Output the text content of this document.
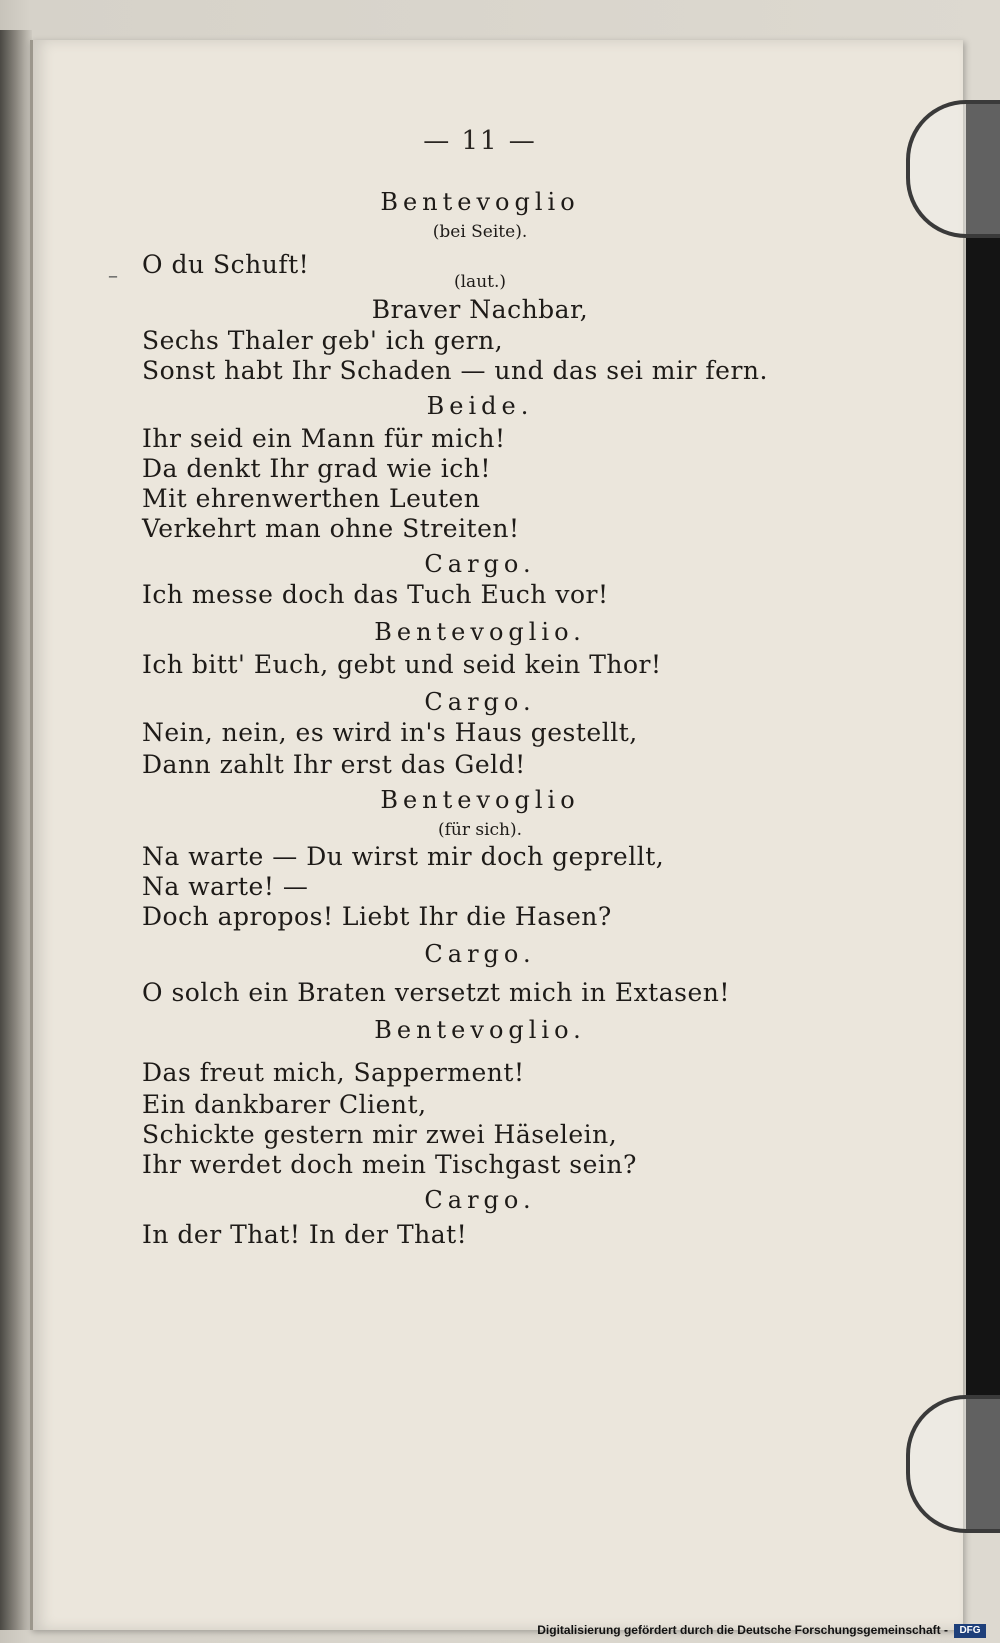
— 11 —
–
Bentevoglio
(bei Seite).
O du Schuft!
(laut.)
Braver Nachbar,
Sechs Thaler geb' ich gern,
Sonst habt Ihr Schaden — und das sei mir fern.
Beide.
Ihr seid ein Mann für mich!
Da denkt Ihr grad wie ich!
Mit ehrenwerthen Leuten
Verkehrt man ohne Streiten!
Cargo.
Ich messe doch das Tuch Euch vor!
Bentevoglio.
Ich bitt' Euch, gebt und seid kein Thor!
Cargo.
Nein, nein, es wird in's Haus gestellt,
Dann zahlt Ihr erst das Geld!
Bentevoglio
(für sich).
Na warte — Du wirst mir doch geprellt,
Na warte! —
Doch apropos! Liebt Ihr die Hasen?
Cargo.
O solch ein Braten versetzt mich in Extasen!
Bentevoglio.
Das freut mich, Sapperment!
Ein dankbarer Client,
Schickte gestern mir zwei Häselein,
Ihr werdet doch mein Tischgast sein?
Cargo.
In der That! In der That!
Digitalisierung gefördert durch die Deutsche Forschungsgemeinschaft -	DFG
